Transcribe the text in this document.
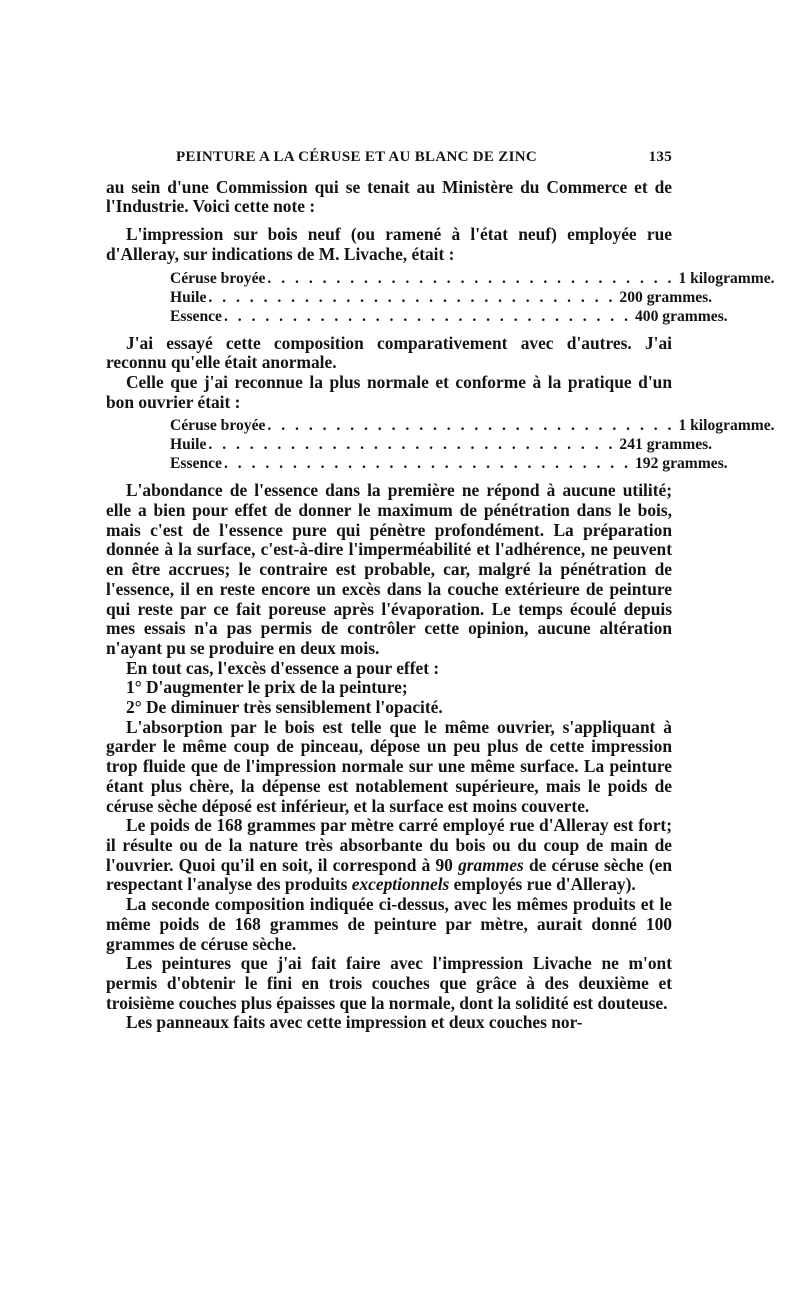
PEINTURE A LA CÉRUSE ET AU BLANC DE ZINC	135

au sein d'une Commission qui se tenait au Ministère du Commerce et de l'Industrie. Voici cette note :

L'impression sur bois neuf (ou ramené à l'état neuf) employée rue d'Alleray, sur indications de M. Livache, était :

Céruse broyée . . . . . . . . . . . . . . . . . . . . . . . . . . . . . . 1 kilogramme.
Huile . . . . . . . . . . . . . . . . . . . . . . . . . . . . . . 200 grammes.
Essence . . . . . . . . . . . . . . . . . . . . . . . . . . . . . . 400 grammes.

J'ai essayé cette composition comparativement avec d'autres. J'ai reconnu qu'elle était anormale.

Celle que j'ai reconnue la plus normale et conforme à la pratique d'un bon ouvrier était :

Céruse broyée . . . . . . . . . . . . . . . . . . . . . . . . . . . . . . 1 kilogramme.
Huile . . . . . . . . . . . . . . . . . . . . . . . . . . . . . . 241 grammes.
Essence . . . . . . . . . . . . . . . . . . . . . . . . . . . . . . 192 grammes.

L'abondance de l'essence dans la première ne répond à aucune utilité; elle a bien pour effet de donner le maximum de pénétration dans le bois, mais c'est de l'essence pure qui pénètre profondément. La préparation donnée à la surface, c'est-à-dire l'imperméabilité et l'adhérence, ne peuvent en être accrues; le contraire est probable, car, malgré la pénétration de l'essence, il en reste encore un excès dans la couche extérieure de peinture qui reste par ce fait poreuse après l'évaporation. Le temps écoulé depuis mes essais n'a pas permis de contrôler cette opinion, aucune altération n'ayant pu se produire en deux mois.

En tout cas, l'excès d'essence a pour effet :

1° D'augmenter le prix de la peinture;

2° De diminuer très sensiblement l'opacité.

L'absorption par le bois est telle que le même ouvrier, s'appliquant à garder le même coup de pinceau, dépose un peu plus de cette impression trop fluide que de l'impression normale sur une même surface. La peinture étant plus chère, la dépense est notablement supérieure, mais le poids de céruse sèche déposé est inférieur, et la surface est moins couverte.

Le poids de 168 grammes par mètre carré employé rue d'Alleray est fort; il résulte ou de la nature très absorbante du bois ou du coup de main de l'ouvrier. Quoi qu'il en soit, il correspond à 90 grammes de céruse sèche (en respectant l'analyse des produits exceptionnels employés rue d'Alleray).

La seconde composition indiquée ci-dessus, avec les mêmes produits et le même poids de 168 grammes de peinture par mètre, aurait donné 100 grammes de céruse sèche.

Les peintures que j'ai fait faire avec l'impression Livache ne m'ont permis d'obtenir le fini en trois couches que grâce à des deuxième et troisième couches plus épaisses que la normale, dont la solidité est douteuse.

Les panneaux faits avec cette impression et deux couches nor-
